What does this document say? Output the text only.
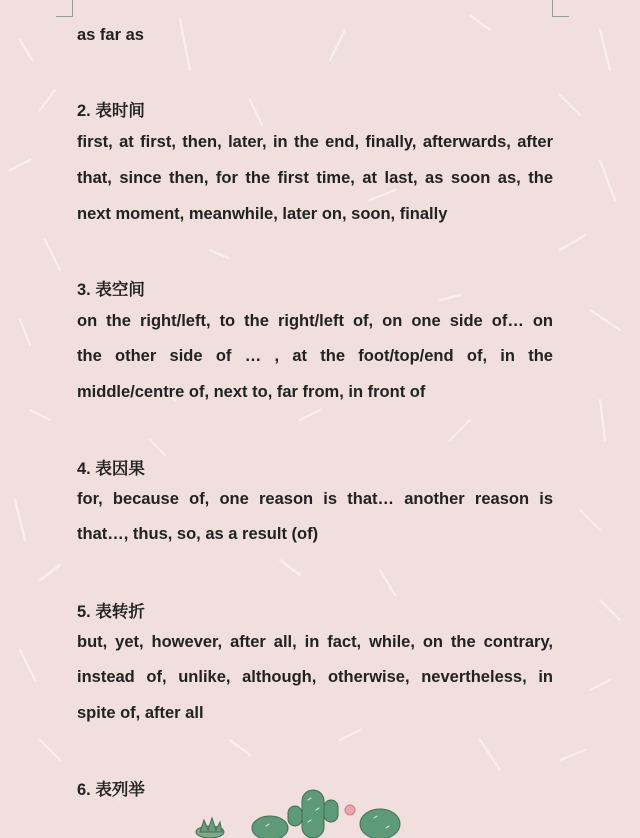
as far as
2. 表时间
first, at first, then, later, in the end, finally, afterwards, after
that, since then, for the first time, at last, as soon as, the
next moment, meanwhile, later on, soon, finally
3. 表空间
on the right/left, to the right/left of, on one side of… on
the other side of … , at the foot/top/end of, in the
middle/centre of, next to, far from, in front of
4. 表因果
for, because of, one reason is that… another reason is
that…, thus, so, as a result (of)
5. 表转折
but, yet, however, after all, in fact, while, on the contrary,
instead of, unlike, although, otherwise, nevertheless, in
spite of, after all
6. 表列举
